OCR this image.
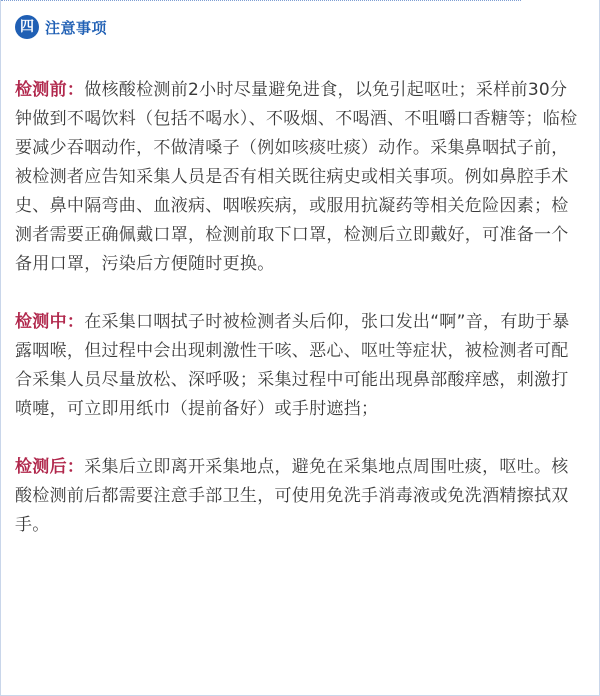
四 注意事项

检测前：做核酸检测前2小时尽量避免进食，以免引起呕吐；采样前30分钟做到不喝饮料（包括不喝水）、不吸烟、不喝酒、不咀嚼口香糖等；临检要减少吞咽动作，不做清嗓子（例如咳痰吐痰）动作。采集鼻咽拭子前，被检测者应告知采集人员是否有相关既往病史或相关事项。例如鼻腔手术史、鼻中隔弯曲、血液病、咽喉疾病，或服用抗凝药等相关危险因素；检测者需要正确佩戴口罩，检测前取下口罩，检测后立即戴好，可准备一个备用口罩，污染后方便随时更换。

检测中：在采集口咽拭子时被检测者头后仰，张口发出“啊”音，有助于暴露咽喉，但过程中会出现刺激性干咳、恶心、呕吐等症状，被检测者可配合采集人员尽量放松、深呼吸；采集过程中可能出现鼻部酸痒感，刺激打喷嚏，可立即用纸巾（提前备好）或手肘遮挡；

检测后：采集后立即离开采集地点，避免在采集地点周围吐痰，呕吐。核酸检测前后都需要注意手部卫生，可使用免洗手消毒液或免洗酒精擦拭双手。
